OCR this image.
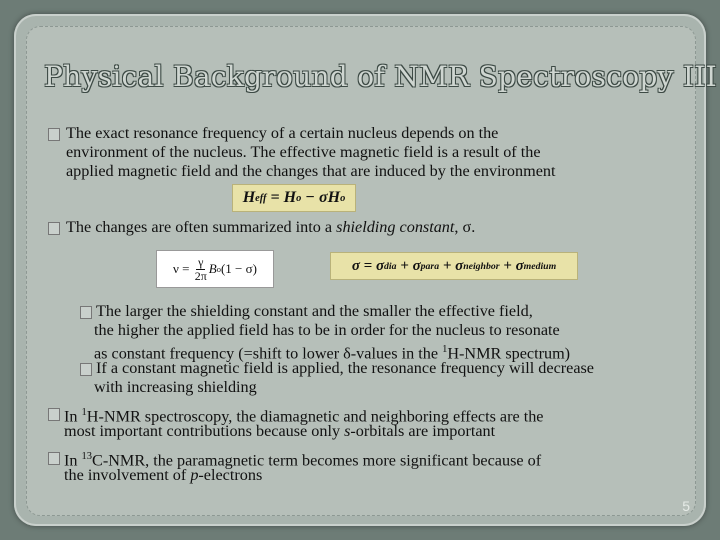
Physical Background of NMR Spectroscopy III
The exact resonance frequency of a certain nucleus depends on the
environment of the nucleus. The effective magnetic field is a result of the
applied magnetic field and the changes that are induced by the environment
H eff = H o − σH o
The changes are often summarized into a shielding constant, σ.
$\nu = \frac{\gamma}{2\pi}$ B o (1 − σ)	σ = σ dia + σ para + σ neighbor + σ medium
The larger the shielding constant and the smaller the effective field,
the higher the applied field has to be in order for the nucleus to resonate
as constant frequency (=shift to lower δ-values in the $^1$H-NMR spectrum)
If a constant magnetic field is applied, the resonance frequency will decrease
with increasing shielding
In $^1$H-NMR spectroscopy, the diamagnetic and neighboring effects are the
most important contributions because only s-orbitals are important
In $^{13}$C-NMR, the paramagnetic term becomes more significant because of
the involvement of p-electrons
5
